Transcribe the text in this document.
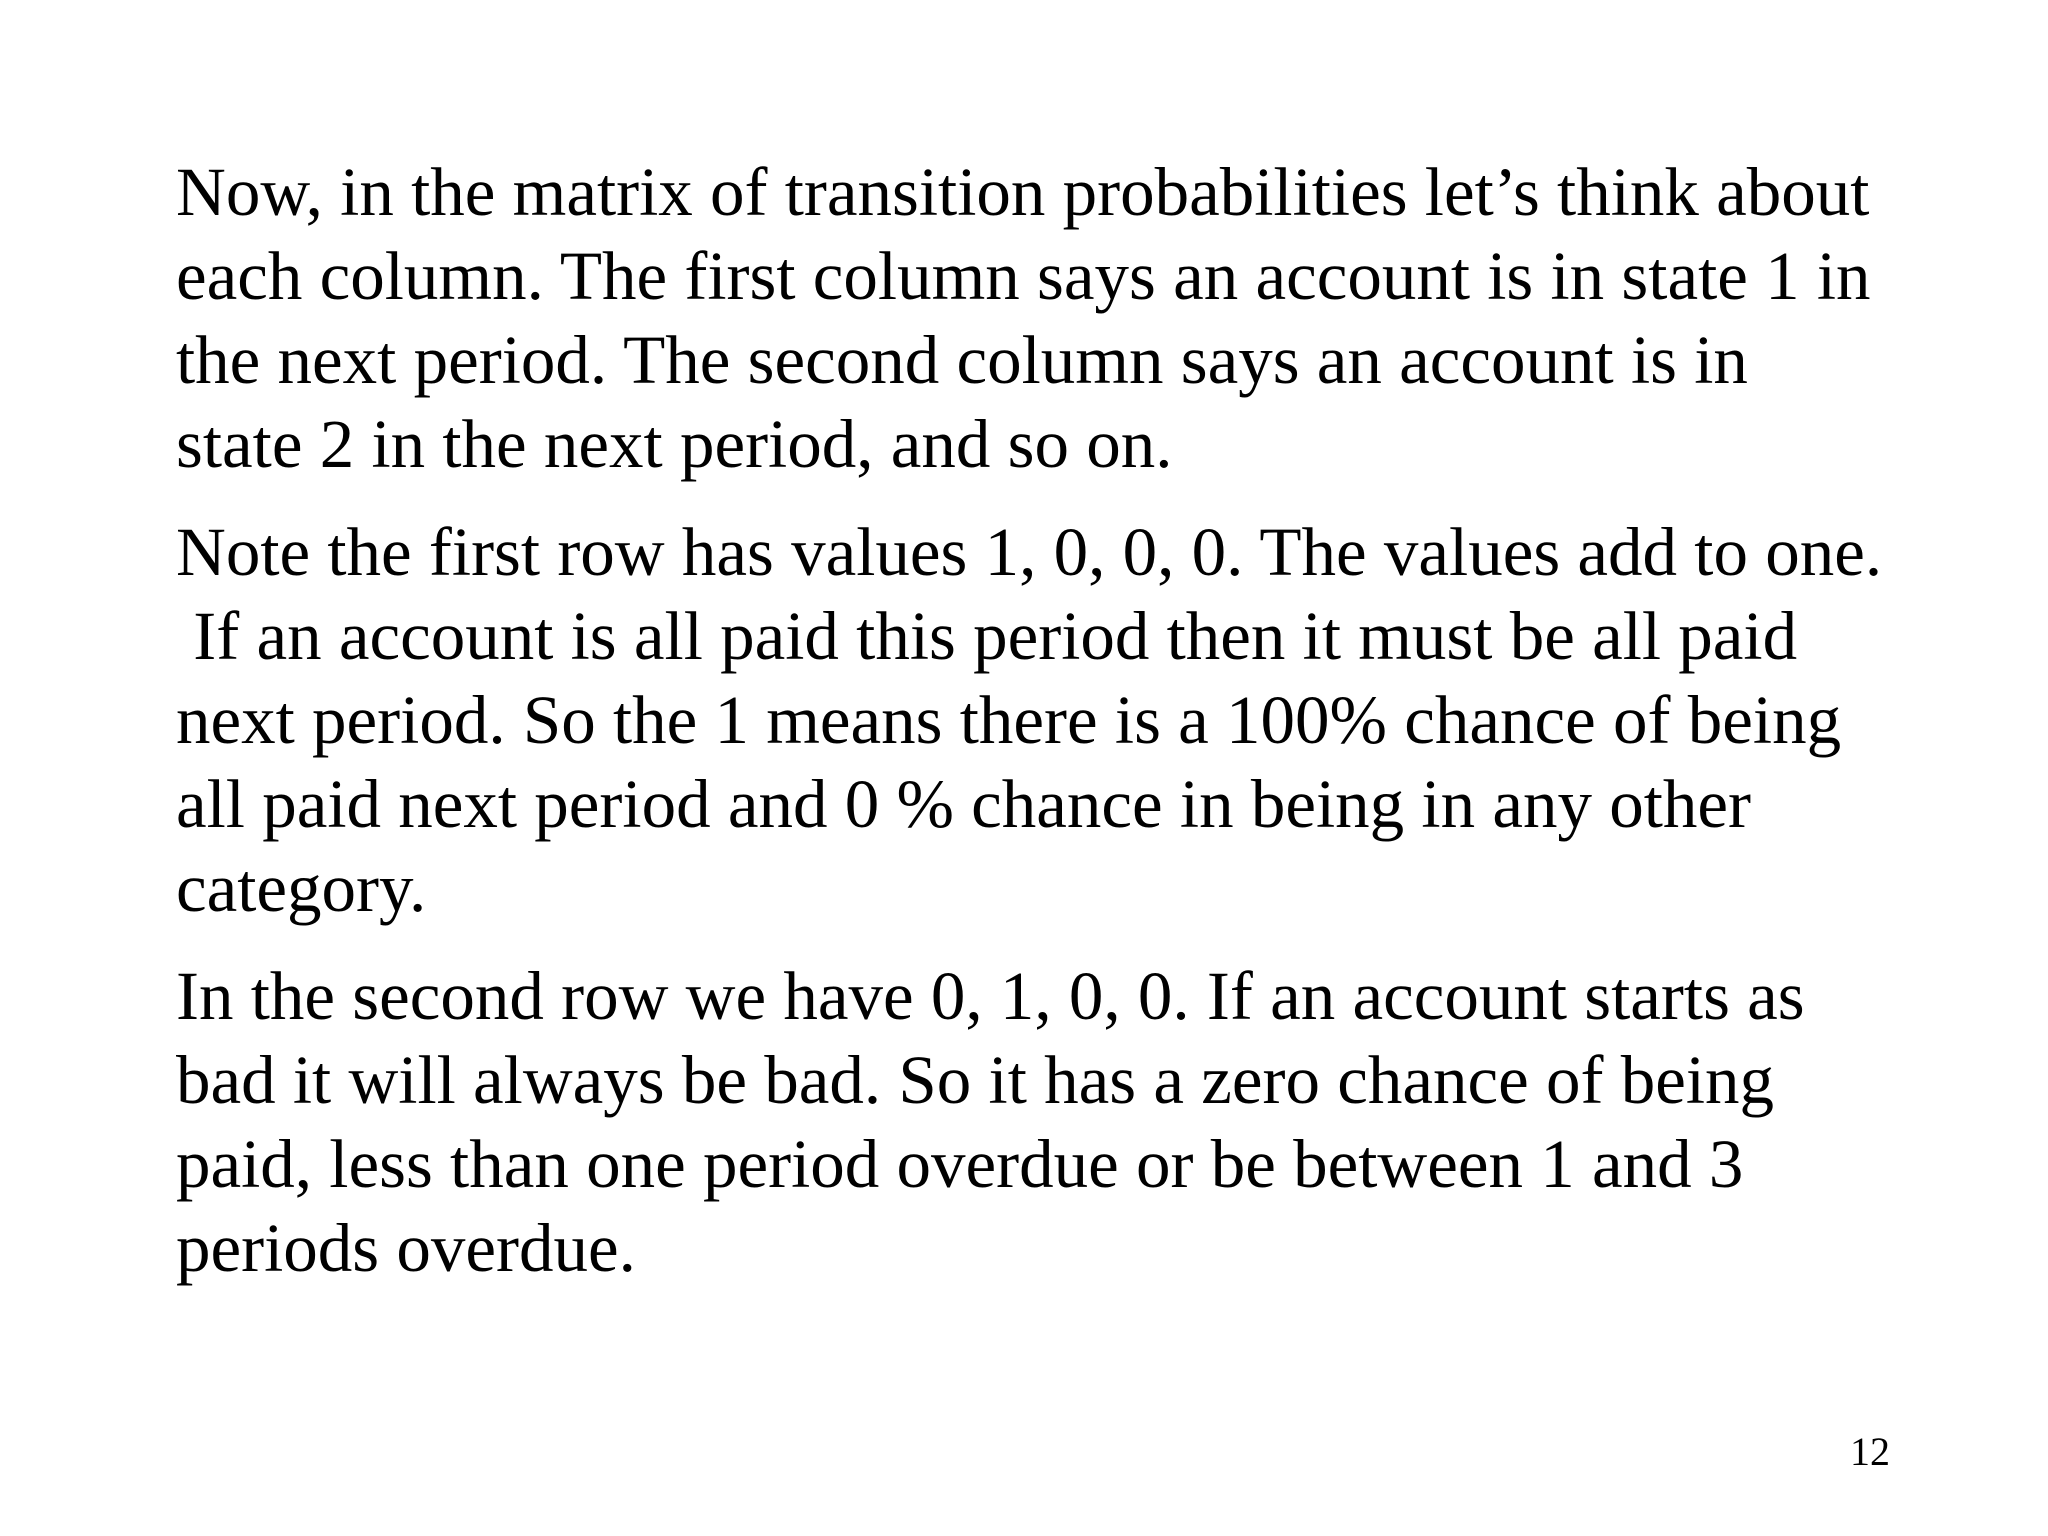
Now, in the matrix of transition probabilities let’s think about
each column. The first column says an account is in state 1 in
the next period. The second column says an account is in
state 2 in the next period, and so on.

Note the first row has values 1, 0, 0, 0. The values add to one.
If an account is all paid this period then it must be all paid
next period. So the 1 means there is a 100% chance of being
all paid next period and 0 % chance in being in any other
category.

In the second row we have 0, 1, 0, 0. If an account starts as
bad it will always be bad. So it has a zero chance of being
paid, less than one period overdue or be between 1 and 3
periods overdue.

12
